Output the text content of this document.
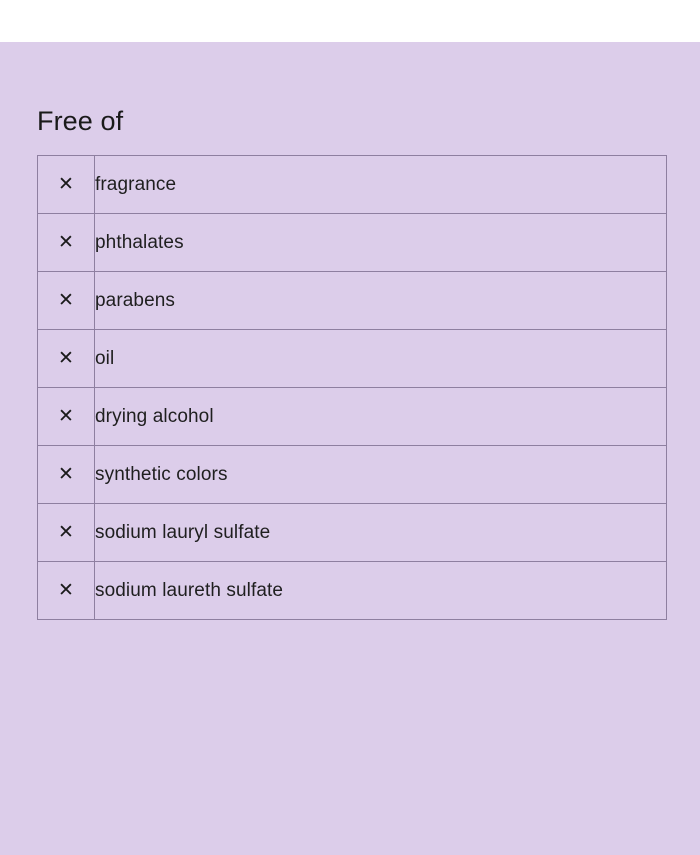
Free of
✕	fragrance
✕	phthalates
✕	parabens
✕	oil
✕	drying alcohol
✕	synthetic colors
✕	sodium lauryl sulfate
✕	sodium laureth sulfate
